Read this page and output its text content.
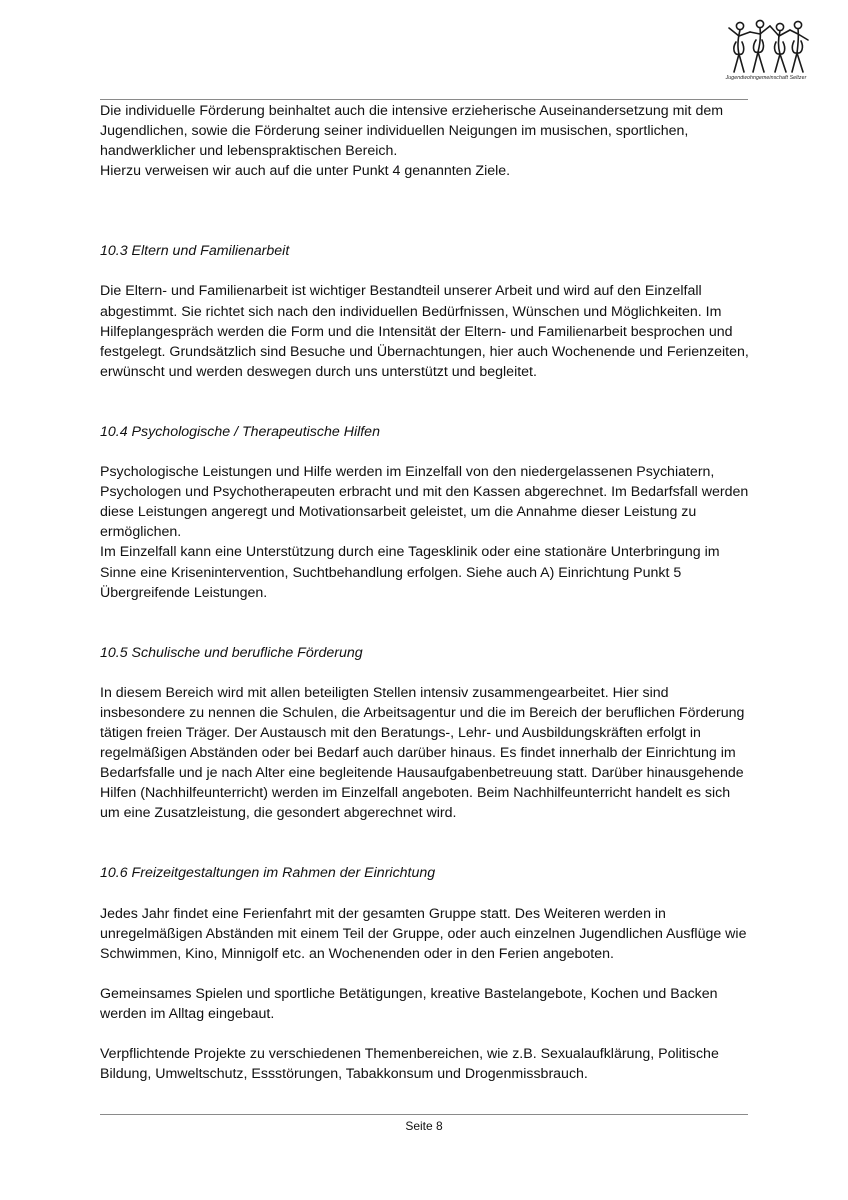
Jugendwohngemeinschaft Seltzer

Die individuelle Förderung beinhaltet auch die intensive erzieherische Auseinandersetzung mit dem Jugendlichen, sowie die Förderung seiner individuellen Neigungen im musischen, sportlichen, handwerklicher und lebenspraktischen Bereich.

Hierzu verweisen wir auch auf die unter Punkt 4 genannten Ziele.

10.3 Eltern und Familienarbeit

Die Eltern- und Familienarbeit ist wichtiger Bestandteil unserer Arbeit und wird auf den Einzelfall abgestimmt. Sie richtet sich nach den individuellen Bedürfnissen, Wünschen und Möglichkeiten. Im Hilfeplangespräch werden die Form und die Intensität der Eltern- und Familienarbeit besprochen und festgelegt. Grundsätzlich sind Besuche und Übernachtungen, hier auch Wochenende und Ferienzeiten, erwünscht und werden deswegen durch uns unterstützt und begleitet.

10.4 Psychologische / Therapeutische Hilfen

Psychologische Leistungen und Hilfe werden im Einzelfall von den niedergelassenen Psychiatern, Psychologen und Psychotherapeuten erbracht und mit den Kassen abgerechnet. Im Bedarfsfall werden diese Leistungen angeregt und Motivationsarbeit geleistet, um die Annahme dieser Leistung zu ermöglichen.

Im Einzelfall kann eine Unterstützung durch eine Tagesklinik oder eine stationäre Unterbringung im Sinne eine Krisenintervention, Suchtbehandlung erfolgen. Siehe auch A) Einrichtung Punkt 5 Übergreifende Leistungen.

10.5 Schulische und berufliche Förderung

In diesem Bereich wird mit allen beteiligten Stellen intensiv zusammengearbeitet. Hier sind insbesondere zu nennen die Schulen, die Arbeitsagentur und die im Bereich der beruflichen Förderung tätigen freien Träger. Der Austausch mit den Beratungs-, Lehr- und Ausbildungskräften erfolgt in regelmäßigen Abständen oder bei Bedarf auch darüber hinaus. Es findet innerhalb der Einrichtung im Bedarfsfalle und je nach Alter eine begleitende Hausaufgabenbetreuung statt. Darüber hinausgehende Hilfen (Nachhilfeunterricht) werden im Einzelfall angeboten. Beim Nachhilfeunterricht handelt es sich um eine Zusatzleistung, die gesondert abgerechnet wird.

10.6 Freizeitgestaltungen im Rahmen der Einrichtung

Jedes Jahr findet eine Ferienfahrt mit der gesamten Gruppe statt. Des Weiteren werden in unregelmäßigen Abständen mit einem Teil der Gruppe, oder auch einzelnen Jugendlichen Ausflüge wie Schwimmen, Kino, Minnigolf etc. an Wochenenden oder in den Ferien angeboten.

Gemeinsames Spielen und sportliche Betätigungen, kreative Bastelangebote, Kochen und Backen werden im Alltag eingebaut.

Verpflichtende Projekte zu verschiedenen Themenbereichen, wie z.B. Sexualaufklärung, Politische Bildung, Umweltschutz, Essstörungen, Tabakkonsum und Drogenmissbrauch.

Seite 8
